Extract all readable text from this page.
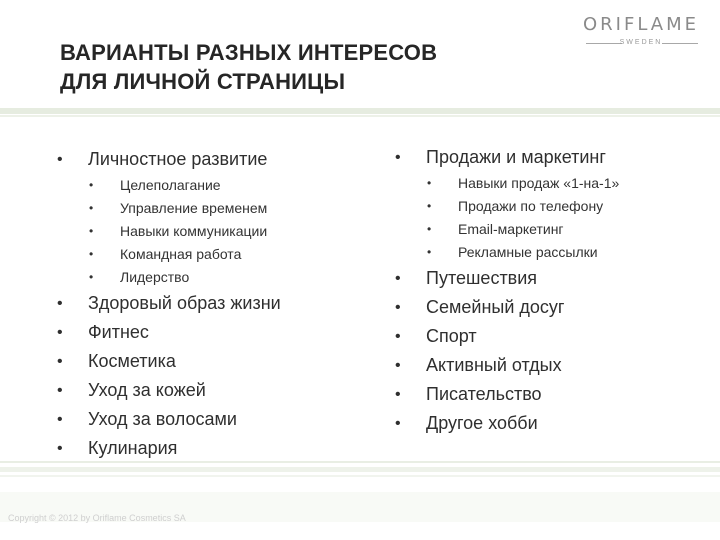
ВАРИАНТЫ РАЗНЫХ ИНТЕРЕСОВ
ДЛЯ ЛИЧНОЙ СТРАНИЦЫ
ORIFLAME
SWEDEN
• Личностное развитие
• Целеполагание
• Управление временем
• Навыки коммуникации
• Командная работа
• Лидерство
• Здоровый образ жизни
• Фитнес
• Косметика
• Уход за кожей
• Уход за волосами
• Кулинария
• Продажи и маркетинг
• Навыки продаж «1-на-1»
• Продажи по телефону
• Email-маркетинг
• Рекламные рассылки
• Путешествия
• Семейный досуг
• Спорт
• Активный отдых
• Писательство
• Другое хобби
Copyright © 2012 by Oriflame Cosmetics SA
